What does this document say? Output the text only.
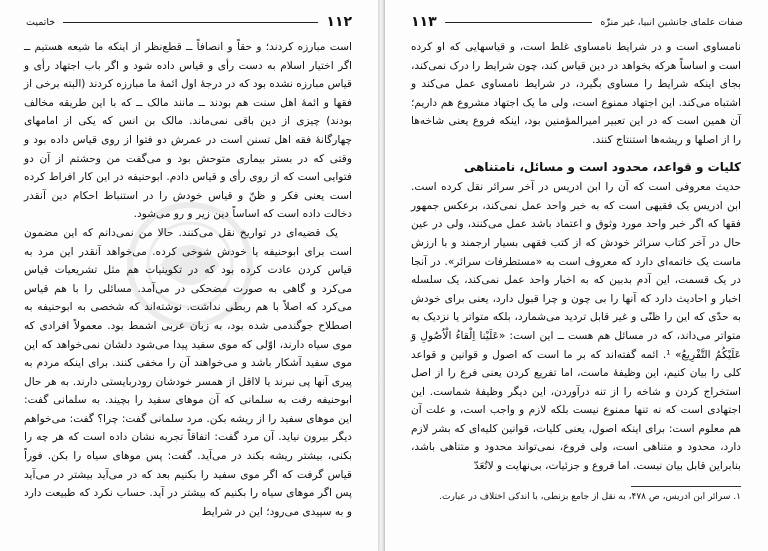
۱۱۲
خاتمیت

است مبارزه کردند؛ و حقاً و انصافاً ــ قطع‌نظر از اینکه ما شیعه هستیم ــ اگر اختیار اسلام به دست رأی و قیاس داده شود و اگر باب اجتهاد رأی و قیاس مبارزه نشده بود که در درجۀ اول ائمۀ ما مبارزه کردند (البته برخی از فقها و ائمۀ اهل سنت هم بودند ــ مانند مالک ــ که با این طریقه مخالف بودند) چیزی از دین باقی نمی‌ماند. مالک بن انس که یکی از امامهای چهارگانۀ فقه اهل تسنن است در عمرش دو فتوا از روی قیاس داده بود و وقتی که در بستر بیماری متوحش بود و می‌گفت من وحشتم از آن دو فتوایی است که از روی رأی و قیاس دادم. ابوحنیفه در این کار افراط کرده است یعنی فکر و ظنّ و قیاس خودش را در استنباط احکام دین آنقدر دخالت داده است که اساساً دین زیر و رو می‌شود.

یک قضیه‌ای در تواریخ نقل می‌کنند. حالا من نمی‌دانم که این مضمون است برای ابوحنیفه یا خودش شوخی کرده. می‌خواهد آنقدر این مرد به قیاس کردن عادت کرده بود که در تکوینیات هم مثل تشریعیات قیاس می‌کرد و گاهی به صورت مضحکی در می‌آمد. مسائلی را با هم قیاس می‌کرد که اصلاً با هم ربطی نداشت. نوشته‌اند که شخصی به ابوحنیفه به اصطلاح جوگندمی شده بود، به زبان عربی اشمط بود. معمولاً افرادی که موی سیاه دارند، اوّلی که موی سفید پیدا می‌شود دلشان نمی‌خواهد که این موی سفید آشکار باشد و می‌خواهند آن را مخفی کنند. برای اینکه مردم به پیری آنها پی نبرند یا لااقل از همسر خودشان رودربایستی دارند. به هر حال ابوحنیفه رفت به سلمانی که آن موهای سفید را بچیند. به سلمانی گفت: این موهای سفید را از ریشه بکن. مرد سلمانی گفت: چرا؟ گفت: می‌خواهم دیگر بیرون نیاید. آن مرد گفت: اتفاقاً تجربه نشان داده است که هر چه را بکنی، بیشتر ریشه بکند در می‌آید. گفت: پس موهای سیاه را بکن. فوراً قیاس گرفت که اگر موی سفید را بکنیم بعد که در می‌آید بیشتر در می‌آید پس اگر موهای سیاه را بکنیم که بیشتر در آید. حساب نکرد که طبیعت دارد و به سپیدی می‌رود؛ این در شرایط

صفات علمای جانشین انبیا، غیر منزّه
۱۱۳

نامساوی است و در شرایط نامساوی غلط است، و قیاسهایی که او کرده است و اساساً هرکه بخواهد در دین قیاس کند، چون شرایط را درک نمی‌کند، بجای اینکه شرایط را مساوی بگیرد، در شرایط نامساوی عمل می‌کند و اشتباه می‌کند. این اجتهاد ممنوع است، ولی ما یک اجتهاد مشروع هم داریم؛ آن همین است که در این تعبیر امیرالمؤمنین بود، اینکه فروع یعنی شاخه‌ها را از اصلها و ریشه‌ها استنتاج کنند.

کلیات و قواعد، محدود است و مسائل، نامتناهی

حدیث معروفی است که آن را ابن ادریس در آخر سرائر نقل کرده است. ابن ادریس یک فقیهی است که به خبر واحد عمل نمی‌کند، برعکس جمهور فقها که اگر خبر واحد مورد وثوق و اعتماد باشد عمل می‌کنند، ولی در عین حال در آخر کتاب سرائر خودش که از کتب فقهی بسیار ارجمند و با ارزش ماست یک خاتمه‌ای دارد که معروف است به «مستطرفات سرائر». در آنجا در یک قسمت، این آدم بدبین که به اخبار واحد عمل نمی‌کند، یک سلسله اخبار و احادیث دارد که آنها را بی چون و چرا قبول دارد، یعنی برای خودش به حدّی که این را ظنّی و غیر قابل تردید می‌شمارد، بلکه متواتر یا نزدیک به متواتر می‌داند، که در مسائل هم هست ــ این است: «عَلَیْنا اِلْقاءُ الْاُصُولِ وَ عَلَیْکُمُ التَّفْرِیعُ» ¹. ائمه گفته‌اند که بر ما است که اصول و قوانین و قواعد کلی را بیان کنیم، این وظیفۀ ماست، اما تفریع کردن یعنی فرع را از اصل استخراج کردن و شاخه را از تنه درآوردن، این دیگر وظیفۀ شماست. این اجتهادی است که نه تنها ممنوع نیست بلکه لازم و واجب است، و علت آن هم معلوم است: برای اینکه اصول، یعنی کلیات، قوانین کلیه‌ای که بشر لازم دارد، محدود و متناهی است، ولی فروع، نمی‌تواند محدود و متناهی باشد، بنابراین قابل بیان نیست. اما فروع و جزئیات، بی‌نهایت و لاتُعَدّ

۱. سرائر ابن ادریس، ص ۴۷۸، به نقل از جامع بزنطی، با اندکی اختلاف در عبارت.
